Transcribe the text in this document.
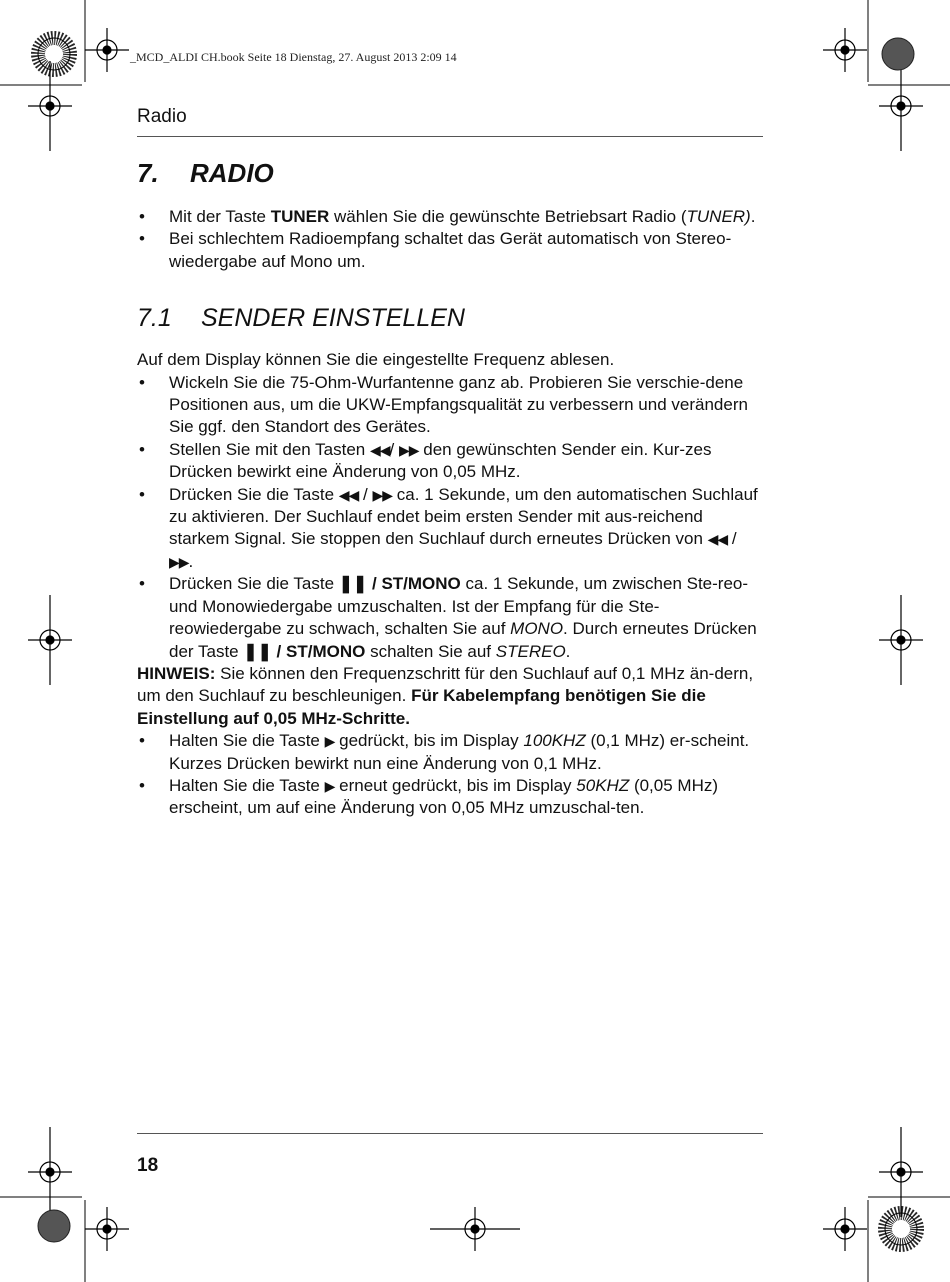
_MCD_ALDI CH.book Seite 18 Dienstag, 27. August 2013 2:09 14
Radio
7. RADIO
• Mit der Taste TUNER wählen Sie die gewünschte Betriebsart Radio (TUNER).
• Bei schlechtem Radioempfang schaltet das Gerät automatisch von Stereo-wiedergabe auf Mono um.
7.1 SENDER EINSTELLEN

Auf dem Display können Sie die eingestellte Frequenz ablesen.

• Wickeln Sie die 75-Ohm-Wurfantenne ganz ab. Probieren Sie verschie-dene Positionen aus, um die UKW-Empfangsqualität zu verbessern und verändern Sie ggf. den Standort des Gerätes.
• Stellen Sie mit den Tasten ◀◀/ ▶▶ den gewünschten Sender ein. Kur-zes Drücken bewirkt eine Änderung von 0,05 MHz.
• Drücken Sie die Taste ◀◀ / ▶▶ ca. 1 Sekunde, um den automatischen Suchlauf zu aktivieren. Der Suchlauf endet beim ersten Sender mit aus-reichend starkem Signal. Sie stoppen den Suchlauf durch erneutes Drücken von ◀◀ / ▶▶.
• Drücken Sie die Taste ❚❚ / ST/MONO ca. 1 Sekunde, um zwischen Ste-reo- und Monowiedergabe umzuschalten. Ist der Empfang für die Ste-reowiedergabe zu schwach, schalten Sie auf MONO. Durch erneutes Drücken der Taste ❚❚ / ST/MONO schalten Sie auf STEREO.

HINWEIS: Sie können den Frequenzschritt für den Suchlauf auf 0,1 MHz än-dern, um den Suchlauf zu beschleunigen. Für Kabelempfang benötigen Sie die Einstellung auf 0,05 MHz-Schritte.

• Halten Sie die Taste ▶ gedrückt, bis im Display 100KHZ (0,1 MHz) er-scheint. Kurzes Drücken bewirkt nun eine Änderung von 0,1 MHz.
• Halten Sie die Taste ▶ erneut gedrückt, bis im Display 50KHZ (0,05 MHz) erscheint, um auf eine Änderung von 0,05 MHz umzuschal-ten.
18
